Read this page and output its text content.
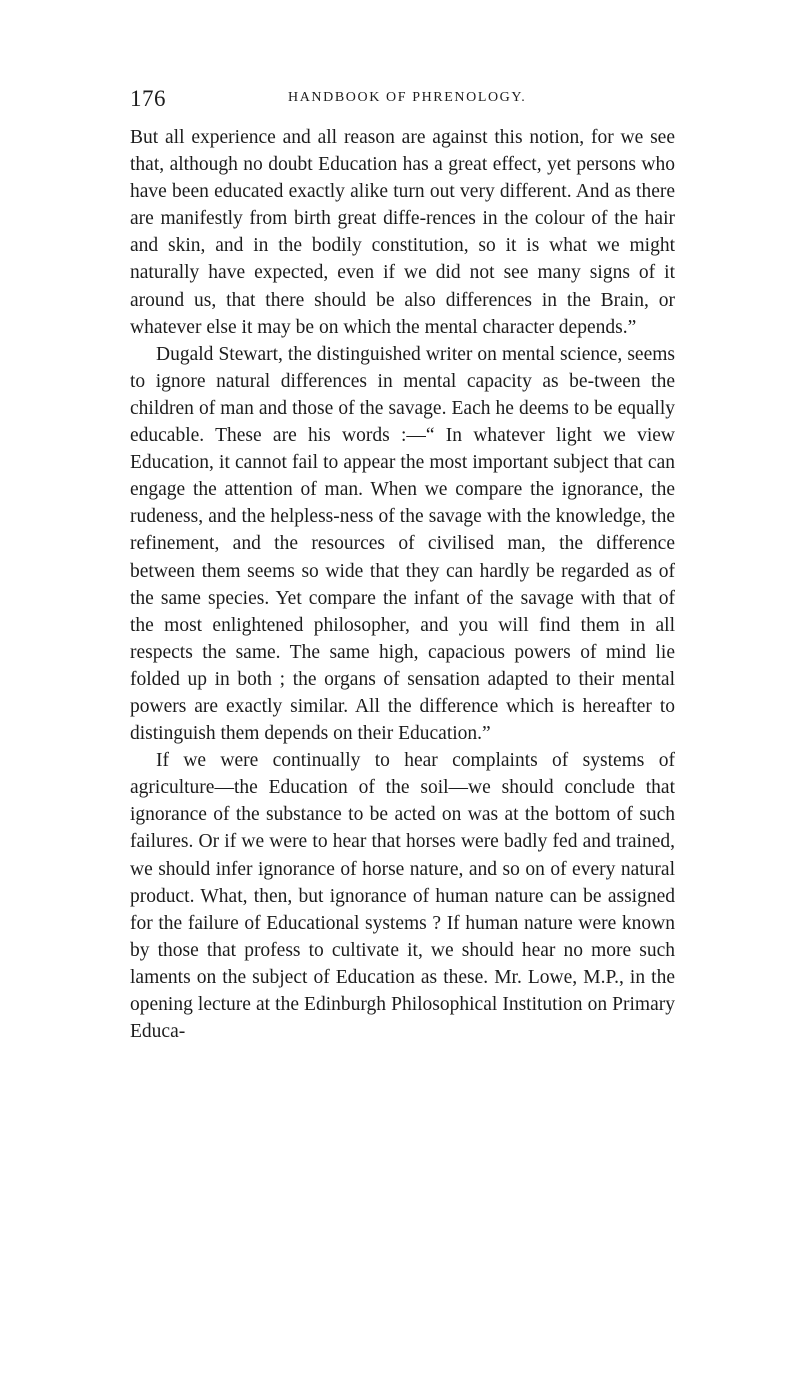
176	HANDBOOK OF PHRENOLOGY.

But all experience and all reason are against this notion, for we see that, although no doubt Education has a great effect, yet persons who have been educated exactly alike turn out very different. And as there are manifestly from birth great diffe-rences in the colour of the hair and skin, and in the bodily constitution, so it is what we might naturally have expected, even if we did not see many signs of it around us, that there should be also differences in the Brain, or whatever else it may be on which the mental character depends.”

Dugald Stewart, the distinguished writer on mental science, seems to ignore natural differences in mental capacity as be-tween the children of man and those of the savage. Each he deems to be equally educable. These are his words :—“ In whatever light we view Education, it cannot fail to appear the most important subject that can engage the attention of man. When we compare the ignorance, the rudeness, and the helpless-ness of the savage with the knowledge, the refinement, and the resources of civilised man, the difference between them seems so wide that they can hardly be regarded as of the same species. Yet compare the infant of the savage with that of the most enlightened philosopher, and you will find them in all respects the same. The same high, capacious powers of mind lie folded up in both ; the organs of sensation adapted to their mental powers are exactly similar. All the difference which is hereafter to distinguish them depends on their Education.”

If we were continually to hear complaints of systems of agriculture—the Education of the soil—we should conclude that ignorance of the substance to be acted on was at the bottom of such failures. Or if we were to hear that horses were badly fed and trained, we should infer ignorance of horse nature, and so on of every natural product. What, then, but ignorance of human nature can be assigned for the failure of Educational systems ? If human nature were known by those that profess to cultivate it, we should hear no more such laments on the subject of Education as these. Mr. Lowe, M.P., in the opening lecture at the Edinburgh Philosophical Institution on Primary Educa-
